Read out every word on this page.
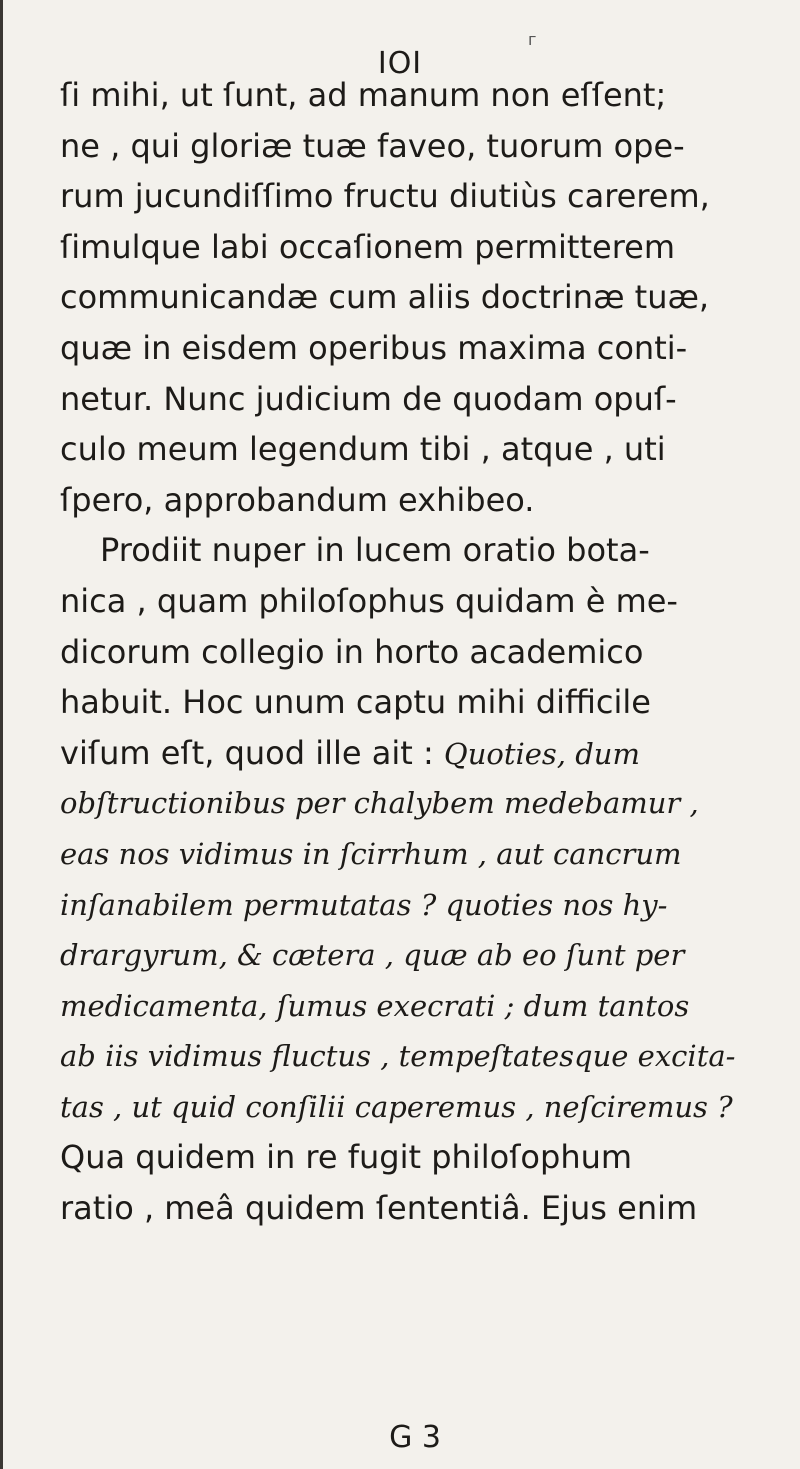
IOI
г
ſi mihi, ut ſunt, ad manum non eſſent;
ne , qui gloriæ tuæ faveo, tuorum ope-
rum jucundiſſimo fructu diutiùs carerem,
ſimulque labi occaſionem permitterem
communicandæ cum aliis doctrinæ tuæ,
quæ in eisdem operibus maxima conti-
netur. Nunc judicium de quodam opuſ-
culo meum legendum tibi , atque , uti
ſpero, approbandum exhibeo.
Prodiit nuper in lucem oratio bota-
nica , quam philoſophus quidam è me-
dicorum collegio in horto academico
habuit. Hoc unum captu mihi difficile
viſum eſt, quod ille ait : Quoties, dum
obſtructionibus per chalybem medebamur ,
eas nos vidimus in ſcirrhum , aut cancrum
inſanabilem permutatas ? quoties nos hy-
drargyrum, & cætera , quæ ab eo ſunt per
medicamenta, ſumus execrati ; dum tantos
ab iis vidimus fluctus , tempeſtatesque excita-
tas , ut quid conſilii caperemus , neſciremus ?
Qua quidem in re fugit philoſophum
ratio , meâ quidem ſententiâ. Ejus enim
G 3
